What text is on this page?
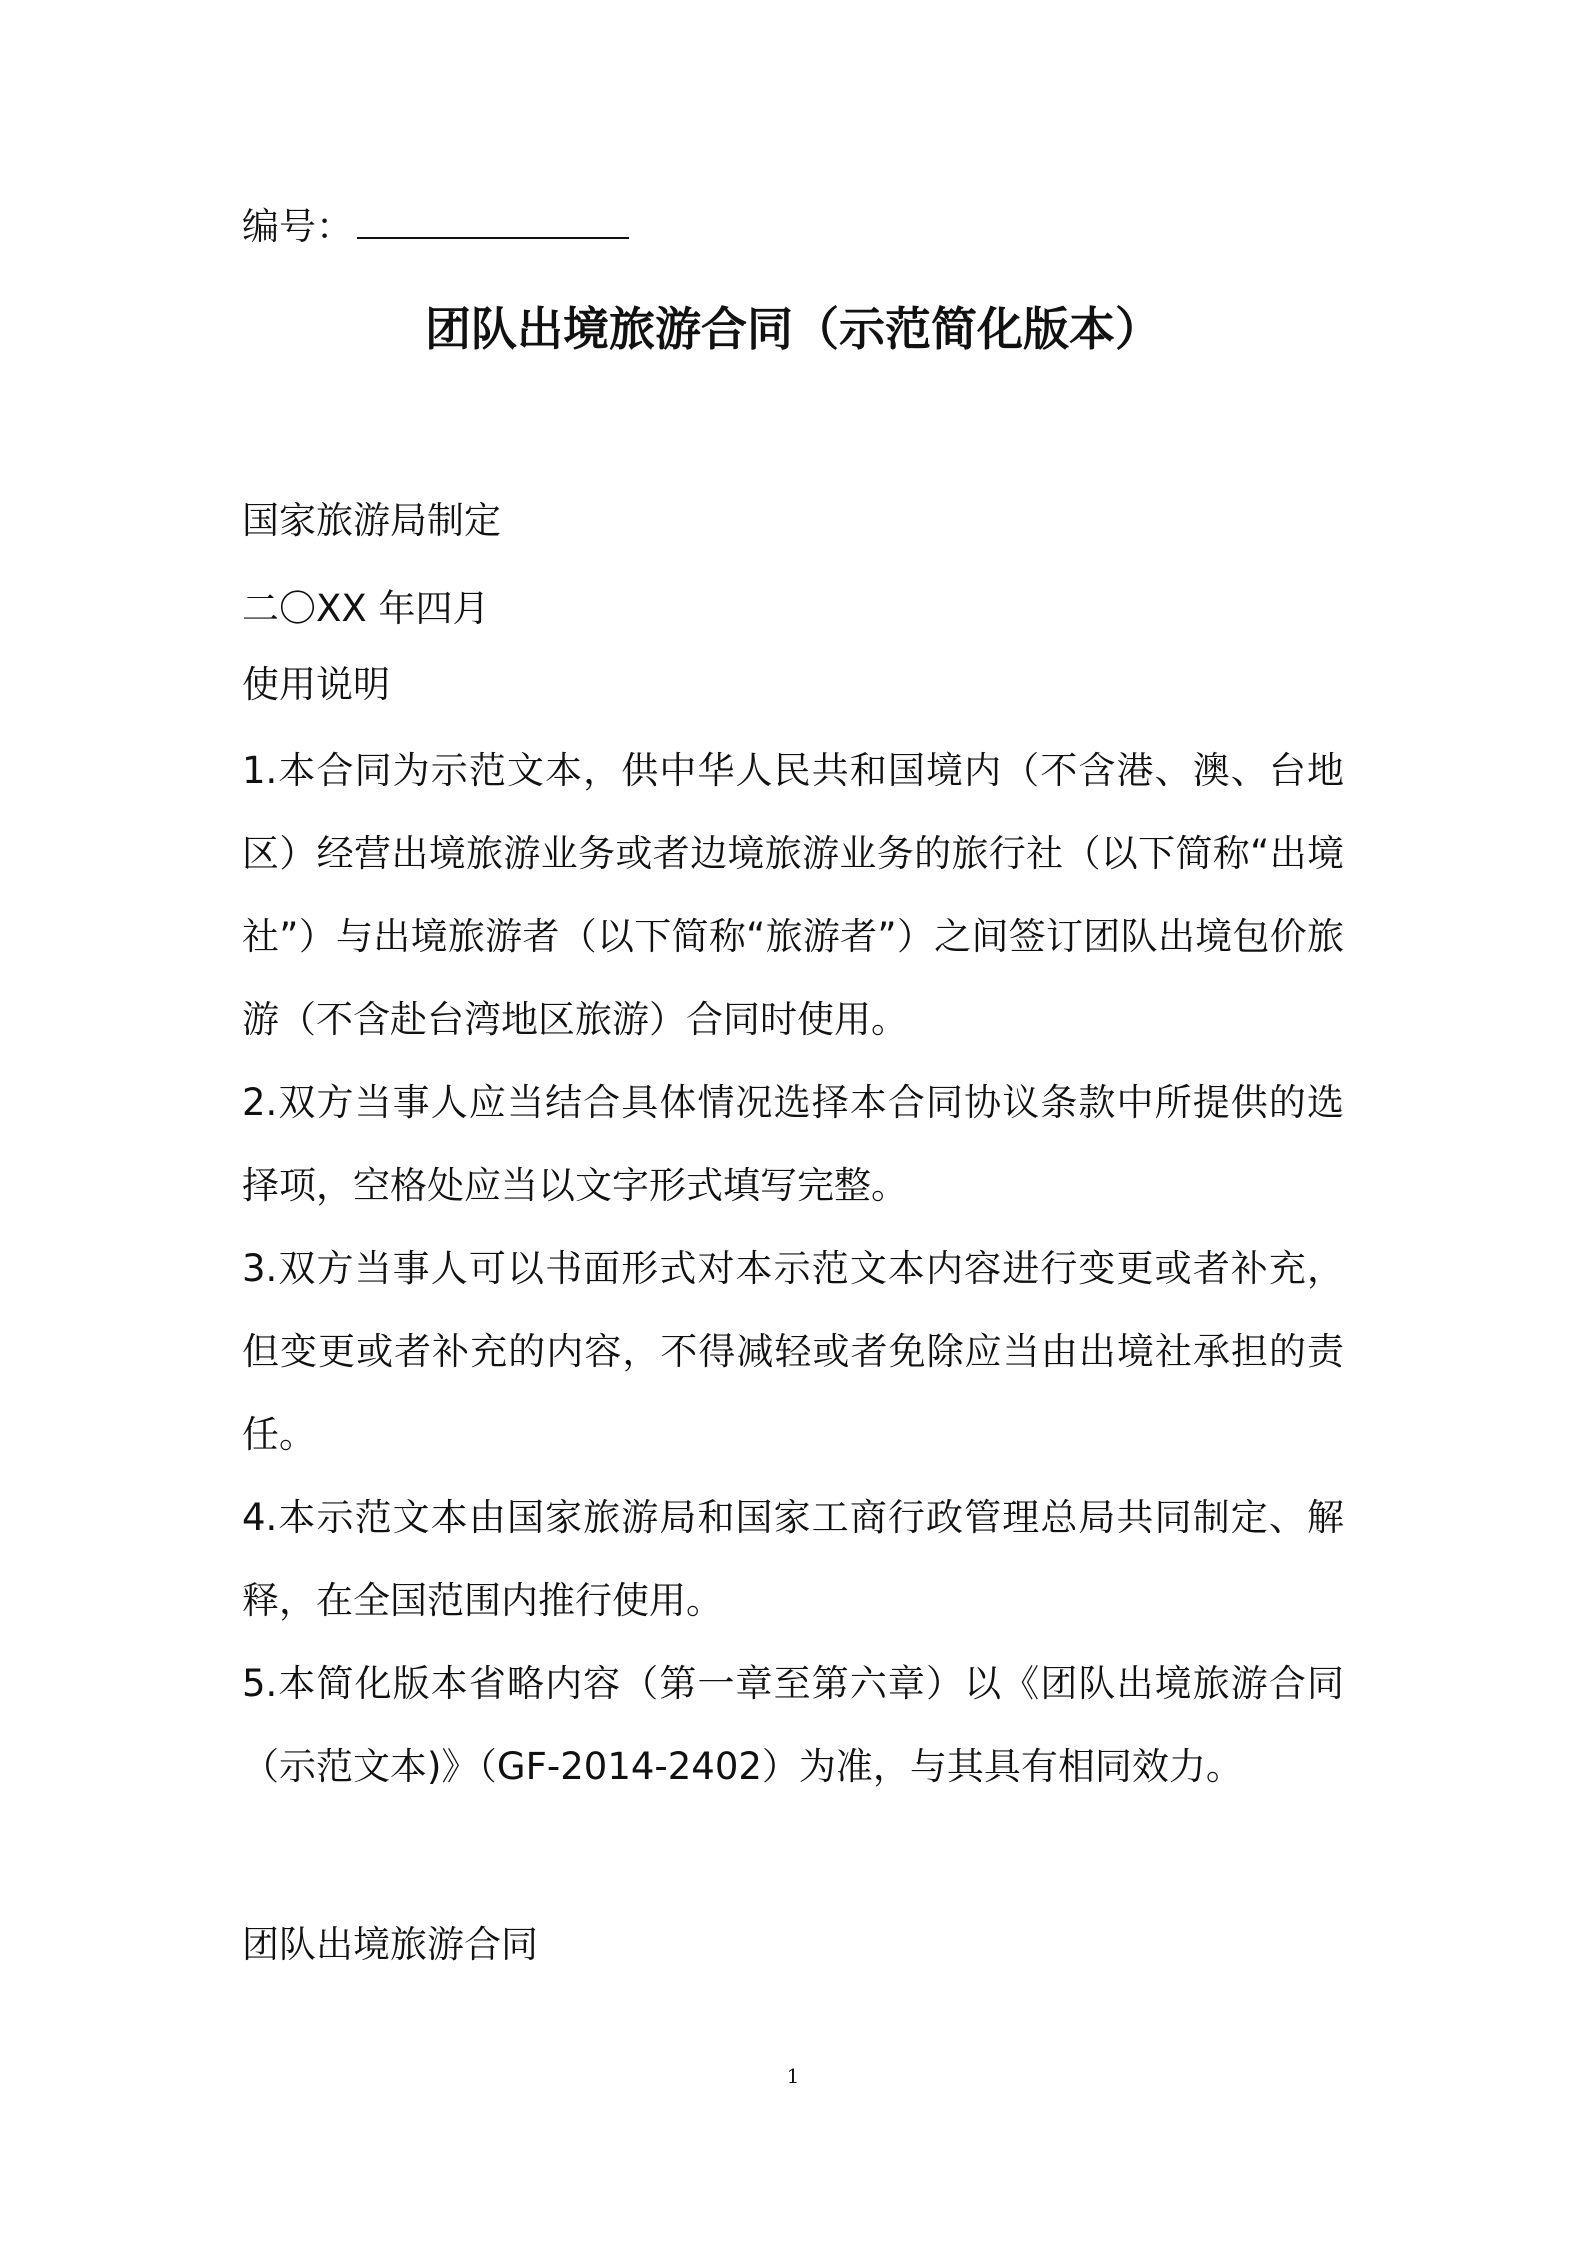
编号：
团队出境旅游合同（示范简化版本）
国家旅游局制定
二〇XX 年四月
使用说明
1.本合同为示范文本，供中华人民共和国境内（不含港、澳、台地区）经营出境旅游业务或者边境旅游业务的旅行社（以下简称“出境社”）与出境旅游者（以下简称“旅游者”）之间签订团队出境包价旅游（不含赴台湾地区旅游）合同时使用。
2.双方当事人应当结合具体情况选择本合同协议条款中所提供的选择项，空格处应当以文字形式填写完整。
3.双方当事人可以书面形式对本示范文本内容进行变更或者补充，但变更或者补充的内容，不得减轻或者免除应当由出境社承担的责任。
4.本示范文本由国家旅游局和国家工商行政管理总局共同制定、解释，在全国范围内推行使用。
5.本简化版本省略内容（第一章至第六章）以《团队出境旅游合同（示范文本)》（GF-2014-2402）为准，与其具有相同效力。
团队出境旅游合同
1
